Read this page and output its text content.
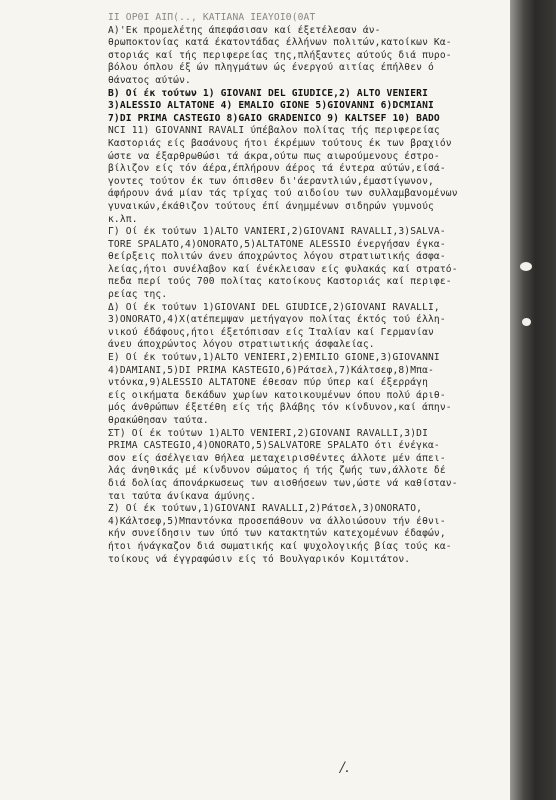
ΙΙ ΟΡΘΙ ΑΙΠ(.., ΚΑΤΙΑΝΑ ΙΕΑΥΟΙΘ(0ΑΤ
Α)'Εκ προμελέτης άπεφάσισαν καί έξετέλεσαν άν-
θρωποκτονίας κατά έκατοντάδας έλλήνων πολιτών,κατοίκων Κα-
στοριάς καί τής περιφερείας της,πλήξαντες αύτούς διά πυρο-
βόλου όπλου έξ ών πληγμάτων ώς ένεργού αιτίας έπήλθεν ό
θάνατος αύτών.
Β) Οί έκ τούτων 1) GIOVANI DEL GIUDICE,2) ALTO VENIERI
3)ALESSIO ALTATONE 4) EMALIO GIONE 5)GIOVANNI 6)DCMIANI
7)DI PRIMA CASTEGIO 8)GAIO GRADENICO 9) KALTSEF 10) BADO
NCI 11) GIOVANNI RAVALI ύπέβαλον πολίτας τής περιφερείας
Καστοριάς είς βασάνους ήτοι έκρέμων τούτους έκ των βραχιόν
ώστε να έξαρθρωθώσι τά άκρα,ούτω πως αιωρούμενους έστρο-
βίλιζον είς τόν άέρα,έπλήρουν άέρος τά έντερα αύτών,είσά-
γοντες τούτον έκ των όπισθεν δι'άεραντλιών,έμαστίγωνον,
άφήρουν άνά μίαν τάς τρίχας τού αιδοίου των συλλαμβανομένων
γυναικών,έκάθιζον τούτους έπί άνημμένων σιδηρών γυμνούς
κ.λπ.
Γ) Οί έκ τούτων 1)ALTO VANIERI,2)GIOVANI RAVALLI,3)SALVA-
TORE SPALATO,4)ONORATO,5)ALTATONE ALESSIO ένεργήσαν έγκα-
θείρξεις πολιτών άνευ άποχρώντος λόγου στρατιωτικής άσφα-
λείας,ήτοι συνέλαβον καί ένέκλεισαν είς φυλακάς καί στρατό-
πεδα περί τούς 700 πολίτας κατοίκους Καστοριάς καί περιφε-
ρείας της.
Δ) Οί έκ τούτων 1)GIOVANI DEL GIUDICE,2)GIOVANI RAVALLI,
3)ONORATO,4)Χ(ατέπεμψαν μετήγαγον πολίτας έκτός τού έλλη-
νικού έδάφους,ήτοι έξετόπισαν είς Ίταλίαν καί Γερμανίαν
άνευ άποχρώντος λόγου στρατιωτικής άσφαλείας.
Ε) Οί έκ τούτων,1)ALTO VENIERI,2)EMILIO GIONE,3)GIOVANNI
4)DAMIANI,5)DI PRIMA KASTEGIO,6)Ράτσελ,7)Κάλτσεφ,8)Μπα-
ντόνκα,9)ALESSIO ALTATONE έθεσαν πύρ ύπερ καί έξερράγη
είς οικήματα δεκάδων χωρίων κατοικουμένων όπου πολύ άριθ-
μός άνθρώπων έξετέθη είς τής βλάβης τόν κίνδυνον,καί άπην-
θρακώθησαν ταύτα.
ΣΤ) Οί έκ τούτων 1)ALTO VENIERI,2)GIOVANI RAVALLI,3)DI
PRIMA CASTEGIO,4)ONORATO,5)SALVATORE SPALATO ότι ένέγκα-
σον είς άσέλγειαν θήλεα μεταχειρισθέντες άλλοτε μέν άπει-
λάς άνηθικάς μέ κίνδυνον σώματος ή τής ζωής των,άλλοτε δέ
διά δολίας άπονάρκωσεως των αισθήσεων των,ώστε νά καθίσταν-
ται ταύτα άνίκανα άμύνης.
Ζ) Οί έκ τούτων,1)GIOVANI RAVALLI,2)Ράτσελ,3)ONORATO,
4)Κάλτσεφ,5)Μπαντόνκα προσεπάθουν να άλλοιώσουν τήν έθνι-
κήν συνείδησιν των ύπό των κατακτητών κατεχομένων έδαφών,
ήτοι ήνάγκαζον διά σωματικής καί ψυχολογικής βίας τούς κα-
τοίκους νά έγγραφώσιν είς τό Βουλγαρικόν Κομιτάτον.
/.
